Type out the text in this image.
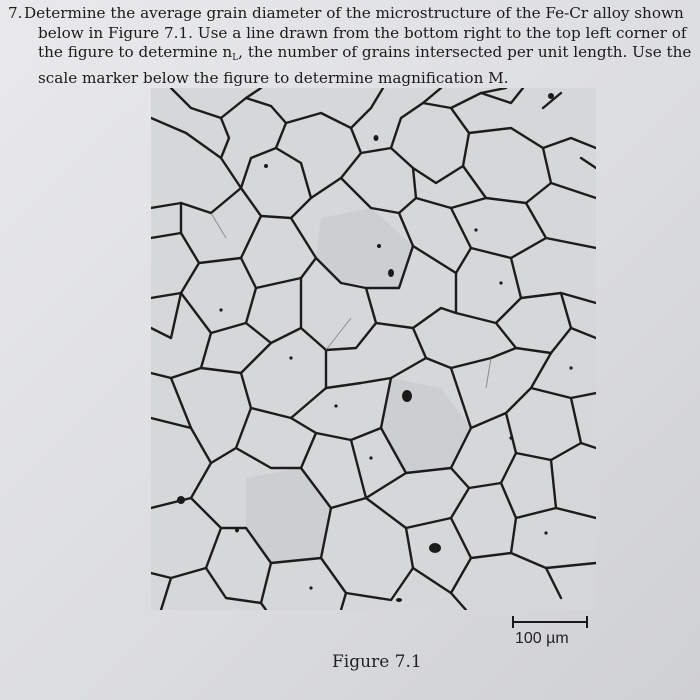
7. Determine the average grain diameter of the microstructure of the Fe-Cr alloy shown
below in Figure 7.1. Use a line drawn from the bottom right to the top left corner of
the figure to determine $n_L$, the number of grains intersected per unit length. Use the
scale marker below the figure to determine magnification M.
100 µm
Figure 7.1
